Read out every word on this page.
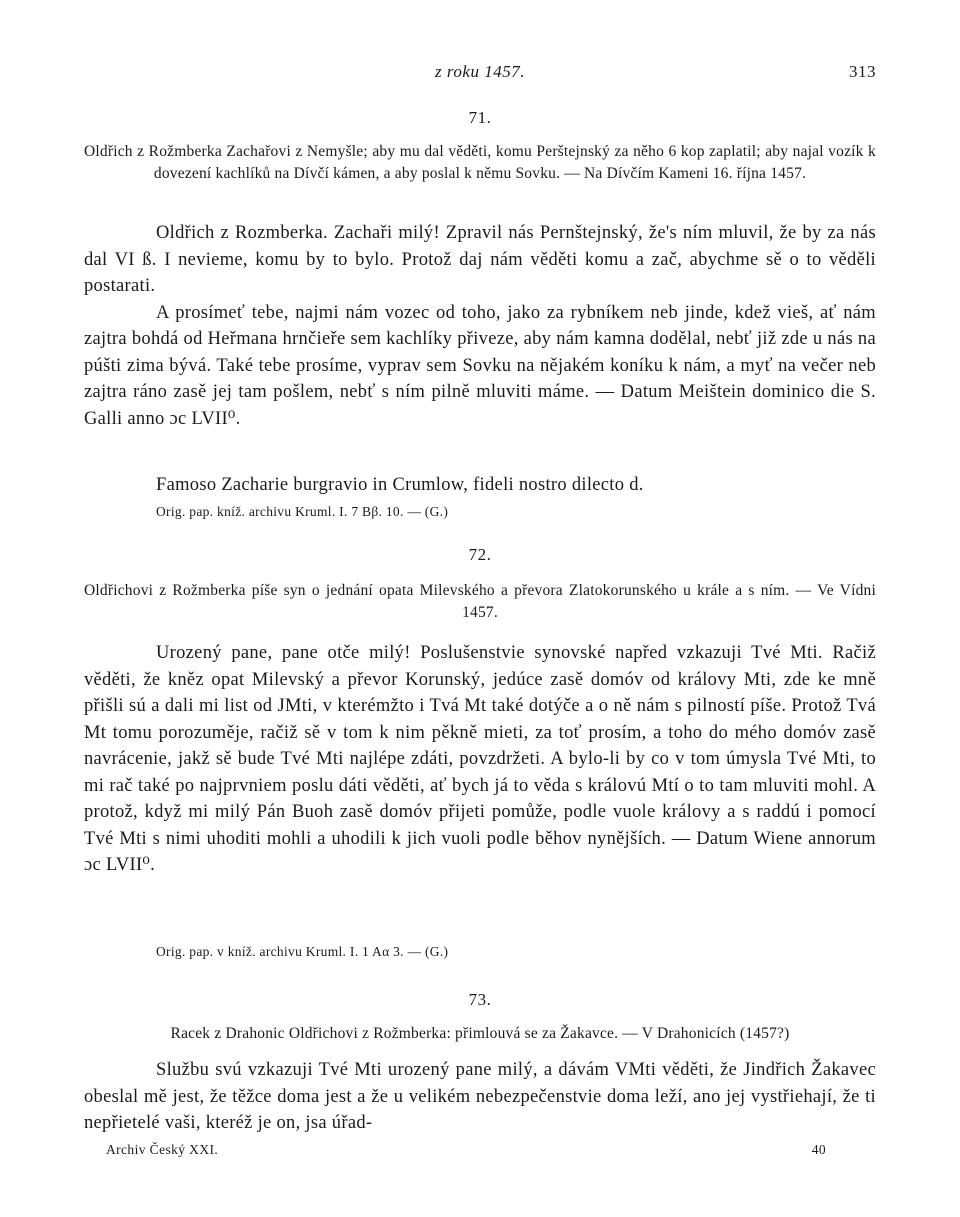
z roku 1457.	313
71.
Oldřich z Rožmberka Zachařovi z Nemyšle; aby mu dal věděti, komu Perštejnský za něho 6 kop zaplatil; aby najal vozík k dovezení kachlíků na Dívčí kámen, a aby poslal k němu Sovku. — Na Dívčím Kameni 16. října 1457.

Oldřich z Rozmberka. Zachaři milý! Zpravil nás Pernštejnský, že's ním mluvil, že by za nás dal VI ß. I nevieme, komu by to bylo. Protož daj nám věděti komu a zač, abychme sě o to věděli postarati.

A prosímeť tebe, najmi nám vozec od toho, jako za rybníkem neb jinde, kdež vieš, ať nám zajtra bohdá od Heřmana hrnčieře sem kachlíky přiveze, aby nám kamna dodělal, nebť již zde u nás na púšti zima bývá. Také tebe prosíme, vyprav sem Sovku na nějakém koníku k nám, a myť na večer neb zajtra ráno zasě jej tam pošlem, nebť s ním pilně mluviti máme. — Datum Meištein dominico die S. Galli anno ɔc LVII⁰.

Famoso Zacharie burgravio in Crumlow, fideli nostro dilecto d.
Orig. pap. kníž. archivu Kruml. I. 7 Bβ. 10. — (G.)
72.
Oldřichovi z Rožmberka píše syn o jednání opata Milevského a převora Zlatokorunského u krále a s ním. — Ve Vídni 1457.

Urozený pane, pane otče milý! Poslušenstvie synovské napřed vzkazuji Tvé Mti. Račiž věděti, že kněz opat Milevský a převor Korunský, jedúce zasě domóv od královy Mti, zde ke mně přišli sú a dali mi list od JMti, v kterémžto i Tvá Mt také dotýče a o ně nám s pilností píše. Protož Tvá Mt tomu porozuměje, račiž sě v tom k nim pěkně mieti, za toť prosím, a toho do mého domóv zasě navrácenie, jakž sě bude Tvé Mti najlépe zdáti, povzdržeti. A bylo-li by co v tom úmysla Tvé Mti, to mi rač také po najprvniem poslu dáti věděti, ať bych já to věda s královú Mtí o to tam mluviti mohl. A protož, když mi milý Pán Buoh zasě domóv přijeti pomůže, podle vuole královy a s raddú i pomocí Tvé Mti s nimi uhoditi mohli a uhodili k jich vuoli podle běhov nynějších. — Datum Wiene annorum ɔc LVII⁰.

Orig. pap. v kníž. archivu Kruml. I. 1 Aα 3. — (G.)
73.
Racek z Drahonic Oldřichovi z Rožmberka: přimlouvá se za Žakavce. — V Drahonicích (1457?)

Službu svú vzkazuji Tvé Mti urozený pane milý, a dávám VMti věděti, že Jindřich Žakavec obeslal mě jest, že těžce doma jest a že u velikém nebezpečenstvie doma leží, ano jej vystřiehají, že ti nepřietelé vaši, kteréž je on, jsa úřad-

Archiv Český XXI.	40
